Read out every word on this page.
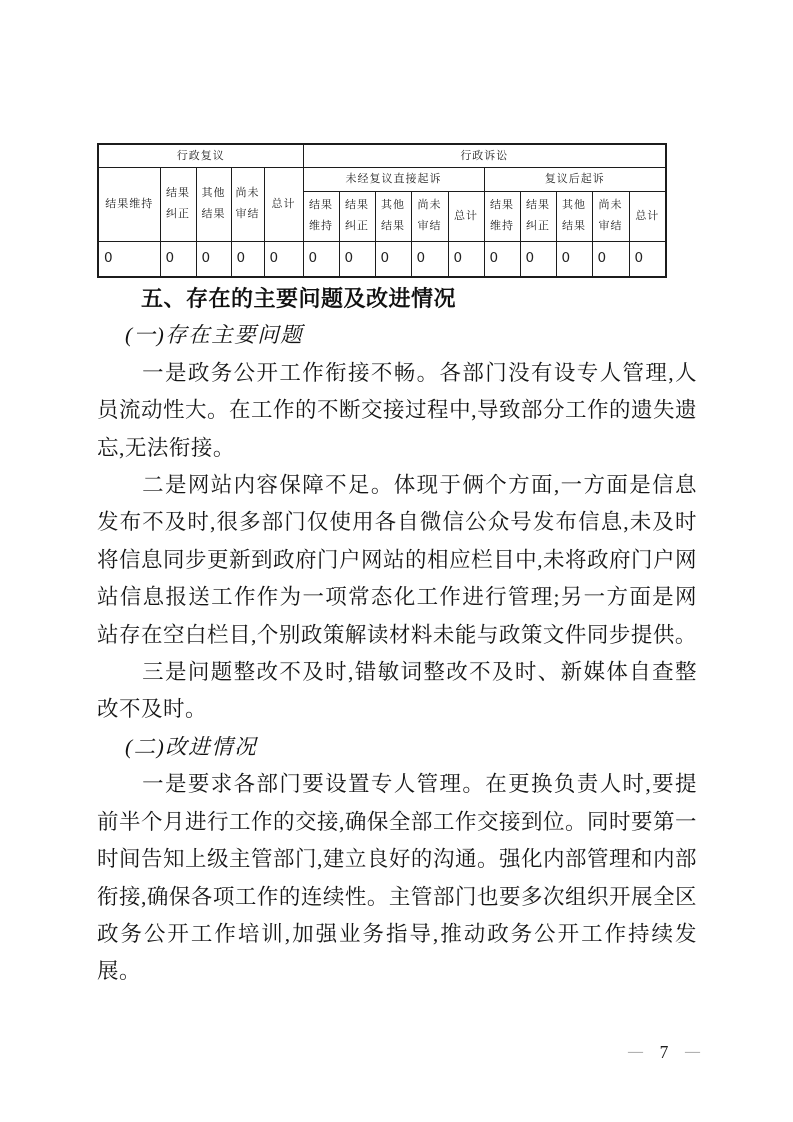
行政复议					行政诉讼									
结果维持	结果纠正	其他结果	尚未审结	总计	未经复议直接起诉					复议后起诉				
					结果维持	结果纠正	其他结果	尚未审结	总计	结果维持	结果纠正	其他结果	尚未审结	总计
0	0	0	0	0	0	0	0	0	0	0	0	0	0	0
五、存在的主要问题及改进情况
(一)存在主要问题

一是政务公开工作衔接不畅。各部门没有设专人管理,人员流动性大。在工作的不断交接过程中,导致部分工作的遗失遗忘,无法衔接。

二是网站内容保障不足。体现于俩个方面,一方面是信息发布不及时,很多部门仅使用各自微信公众号发布信息,未及时将信息同步更新到政府门户网站的相应栏目中,未将政府门户网站信息报送工作作为一项常态化工作进行管理;另一方面是网站存在空白栏目,个别政策解读材料未能与政策文件同步提供。

三是问题整改不及时,错敏词整改不及时、新媒体自查整改不及时。

(二)改进情况

一是要求各部门要设置专人管理。在更换负责人时,要提前半个月进行工作的交接,确保全部工作交接到位。同时要第一时间告知上级主管部门,建立良好的沟通。强化内部管理和内部衔接,确保各项工作的连续性。主管部门也要多次组织开展全区政务公开工作培训,加强业务指导,推动政务公开工作持续发展。

— 7 —
